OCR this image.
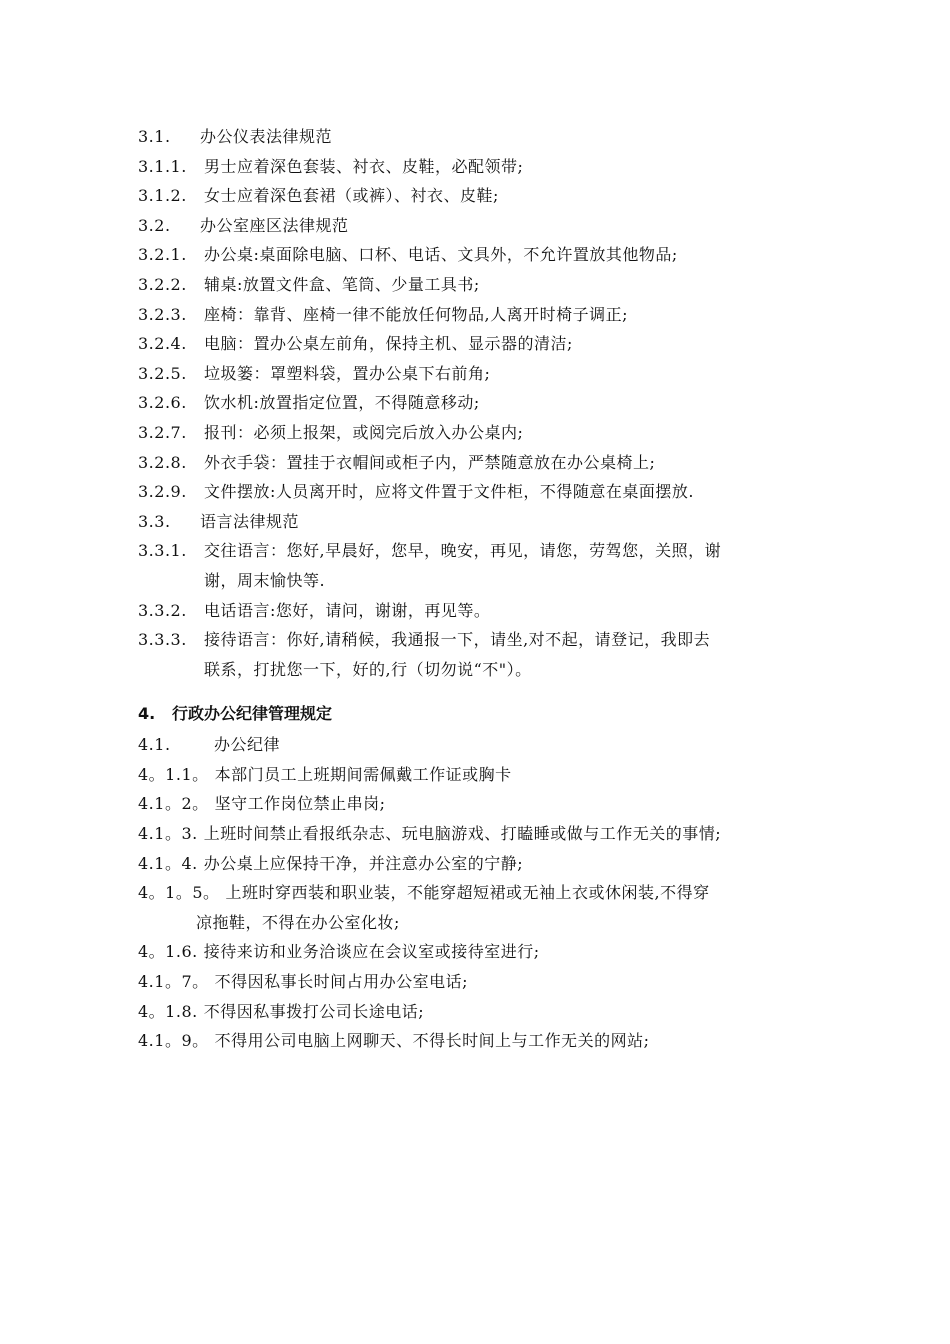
3.1. 办公仪表法律规范
3.1.1. 男士应着深色套装、衬衣、皮鞋，必配领带;
3.1.2. 女士应着深色套裙（或裤）、衬衣、皮鞋;
3.2. 办公室座区法律规范
3.2.1. 办公桌:桌面除电脑、口杯、电话、文具外，不允许置放其他物品;
3.2.2. 辅桌:放置文件盒、笔筒、少量工具书;
3.2.3. 座椅：靠背、座椅一律不能放任何物品,人离开时椅子调正;
3.2.4. 电脑：置办公桌左前角，保持主机、显示器的清洁;
3.2.5. 垃圾篓：罩塑料袋，置办公桌下右前角;
3.2.6. 饮水机:放置指定位置，不得随意移动;
3.2.7. 报刊：必须上报架，或阅完后放入办公桌内;
3.2.8. 外衣手袋：置挂于衣帽间或柜子内，严禁随意放在办公桌椅上;
3.2.9. 文件摆放:人员离开时，应将文件置于文件柜，不得随意在桌面摆放.
3.3. 语言法律规范
3.3.1. 交往语言：您好,早晨好，您早，晚安，再见，请您，劳驾您，关照，谢
谢，周末愉快等.
3.3.2. 电话语言:您好，请问，谢谢，再见等。
3.3.3. 接待语言：你好,请稍候，我通报一下，请坐,对不起，请登记，我即去
联系，打扰您一下，好的,行（切勿说“不"）。
4. 行政办公纪律管理规定
4.1.	办公纪律
4。1.1。 本部门员工上班期间需佩戴工作证或胸卡
4.1。2。 坚守工作岗位禁止串岗;
4.1。3. 上班时间禁止看报纸杂志、玩电脑游戏、打瞌睡或做与工作无关的事情;
4.1。4. 办公桌上应保持干净，并注意办公室的宁静;
4。1。5。 上班时穿西装和职业装，不能穿超短裙或无袖上衣或休闲装,不得穿
凉拖鞋，不得在办公室化妆;
4。1.6. 接待来访和业务洽谈应在会议室或接待室进行;
4.1。7。 不得因私事长时间占用办公室电话;
4。1.8. 不得因私事拨打公司长途电话;
4.1。9。 不得用公司电脑上网聊天、不得长时间上与工作无关的网站;
